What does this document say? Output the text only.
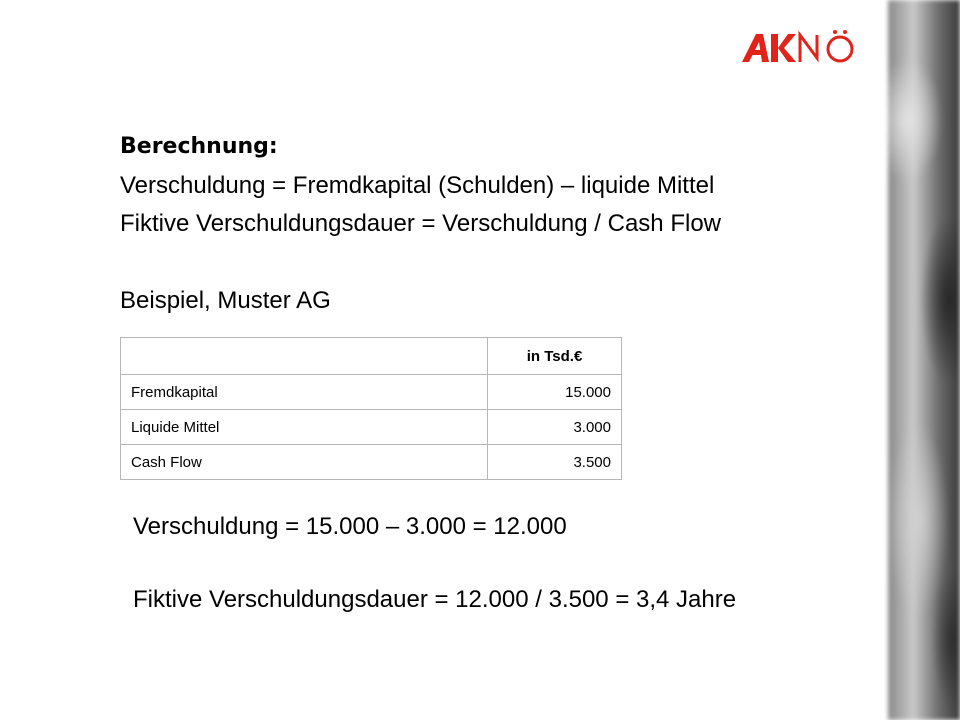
Berechnung:
Verschuldung = Fremdkapital (Schulden) – liquide Mittel
Fiktive Verschuldungsdauer = Verschuldung / Cash Flow
Beispiel, Muster AG
	in Tsd.€
Fremdkapital	15.000
Liquide Mittel	3.000
Cash Flow	3.500
Verschuldung = 15.000 – 3.000 = 12.000
Fiktive Verschuldungsdauer = 12.000 / 3.500 = 3,4 Jahre
